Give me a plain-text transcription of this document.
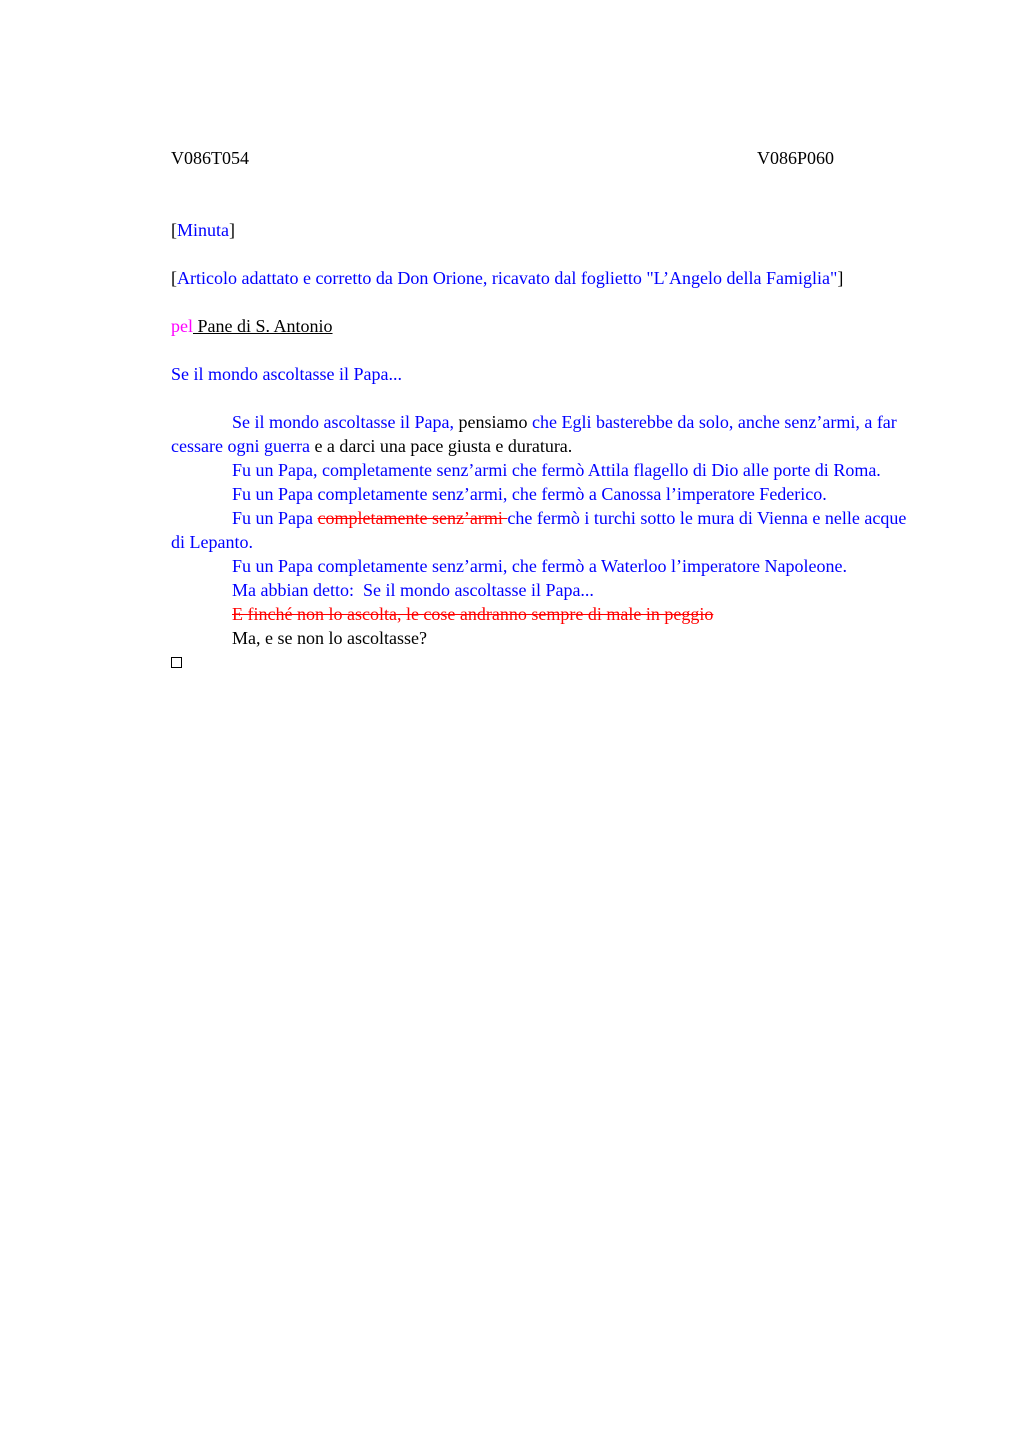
V086T054	V086P060
[Minuta]
[Articolo adattato e corretto da Don Orione, ricavato dal foglietto "L’Angelo della Famiglia"]
pel Pane di S. Antonio
Se il mondo ascoltasse il Papa...
Se il mondo ascoltasse il Papa, pensiamo che Egli basterebbe da solo, anche senz’armi, a far cessare ogni guerra e a darci una pace giusta e duratura.
Fu un Papa, completamente senz’armi che fermò Attila flagello di Dio alle porte di Roma.
Fu un Papa completamente senz’armi, che fermò a Canossa l’imperatore Federico.
Fu un Papa completamente senz’armi che fermò i turchi sotto le mura di Vienna e nelle acque di Lepanto.
Fu un Papa completamente senz’armi, che fermò a Waterloo l’imperatore Napoleone.
Ma abbian detto:  Se il mondo ascoltasse il Papa...
E finché non lo ascolta, le cose andranno sempre di male in peggio
Ma, e se non lo ascoltasse?
